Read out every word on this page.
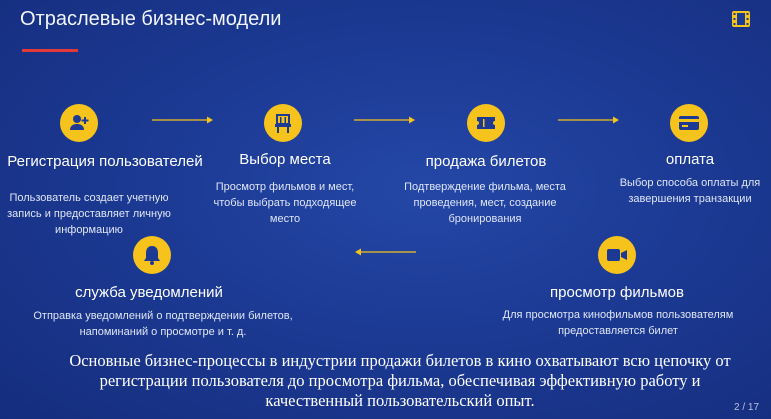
Отраслевые бизнес-модели
Регистрация пользователей
Пользователь создает учетную запись и предоставляет личную информацию
Выбор места
Просмотр фильмов и мест, чтобы выбрать подходящее место
продажа билетов
Подтверждение фильма, места проведения, мест, создание бронирования
оплата
Выбор способа оплаты для завершения транзакции
просмотр фильмов
Для просмотра кинофильмов пользователям предоставляется билет
служба уведомлений
Отправка уведомлений о подтверждении билетов, напоминаний о просмотре и т. д.
Основные бизнес-процессы в индустрии продажи билетов в кино охватывают всю цепочку от регистрации пользователя до просмотра фильма, обеспечивая эффективную работу и качественный пользовательский опыт.	2 / 17
